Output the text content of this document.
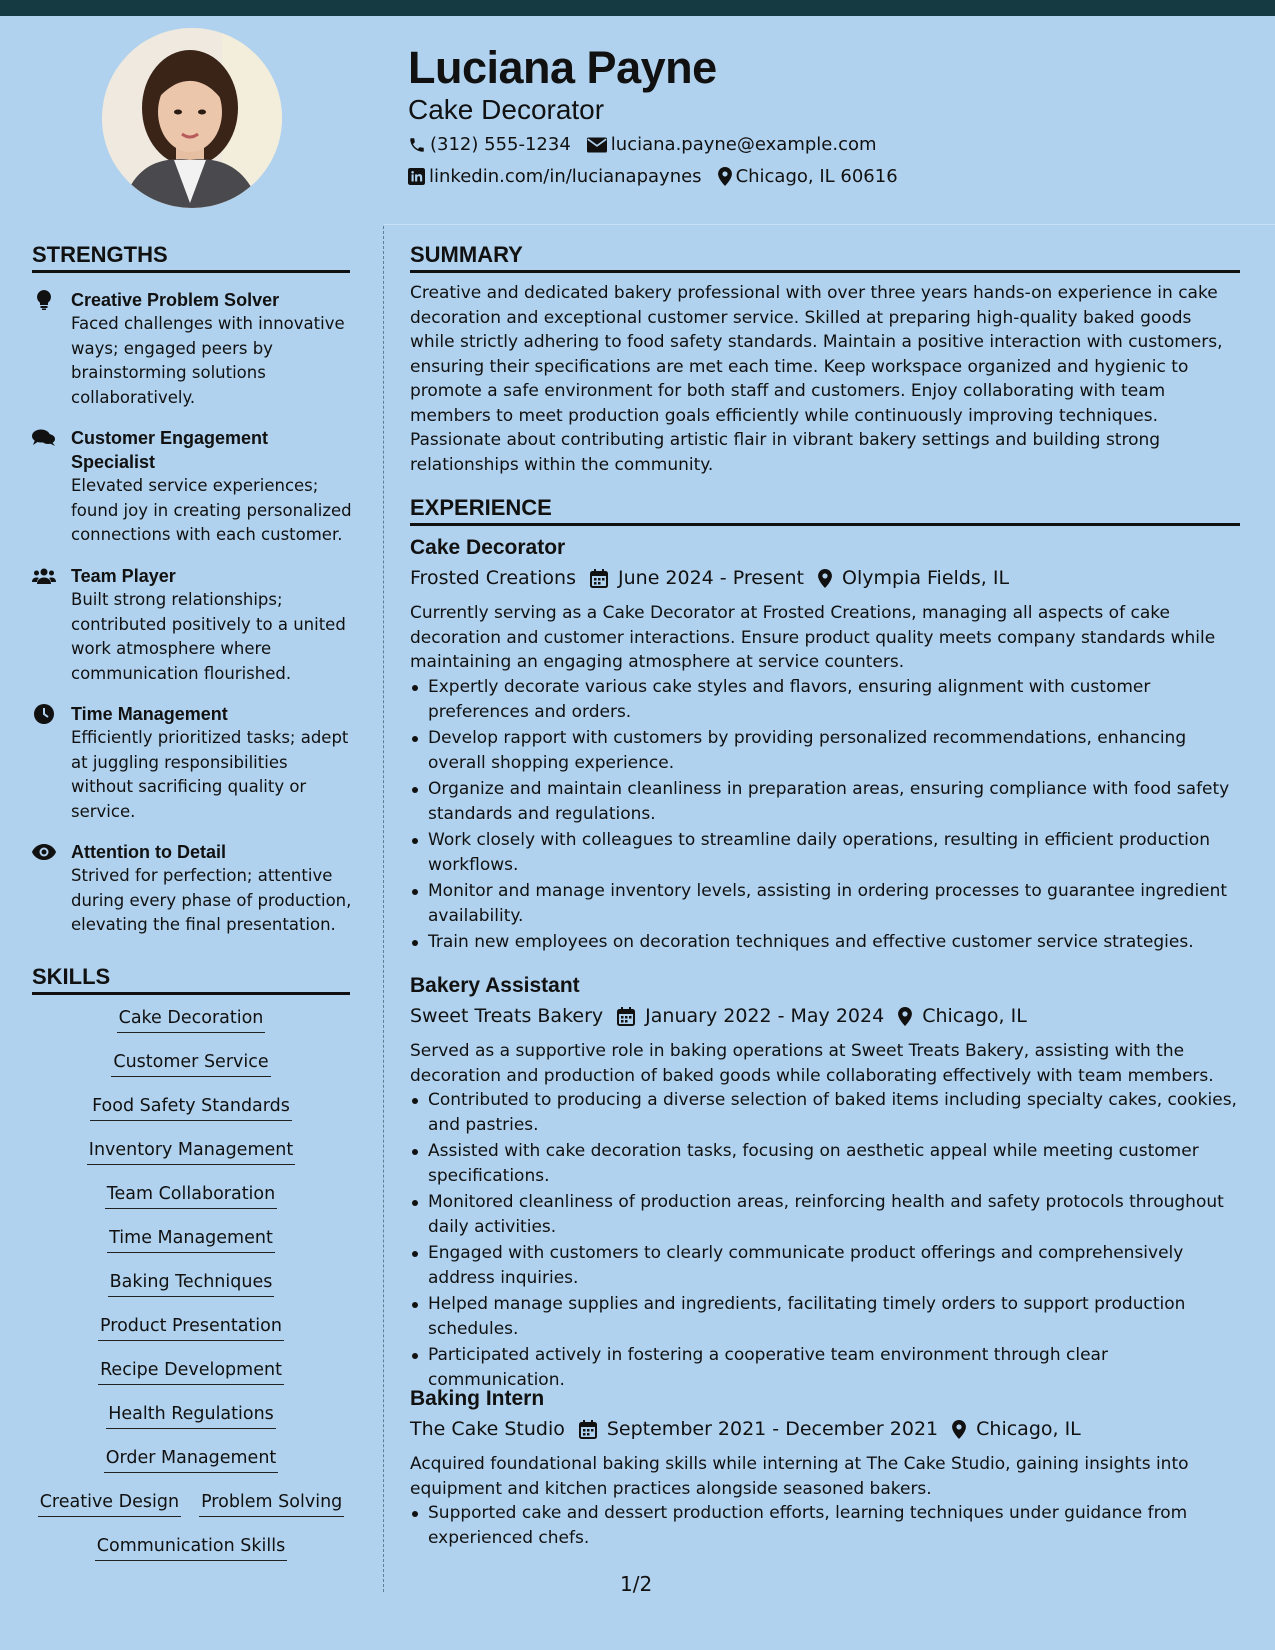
Luciana Payne
Cake Decorator
(312) 555-1234 luciana.payne@example.com
linkedin.com/in/lucianapaynes Chicago, IL 60616
STRENGTHS
Creative Problem Solver
Faced challenges with innovative ways; engaged peers by brainstorming solutions collaboratively.
Customer Engagement Specialist
Elevated service experiences; found joy in creating personalized connections with each customer.
Team Player
Built strong relationships; contributed positively to a united work atmosphere where communication flourished.
Time Management
Efficiently prioritized tasks; adept at juggling responsibilities without sacrificing quality or service.
Attention to Detail
Strived for perfection; attentive during every phase of production, elevating the final presentation.
SKILLS
Cake Decoration
Customer Service
Food Safety Standards
Inventory Management
Team Collaboration
Time Management
Baking Techniques
Product Presentation
Recipe Development
Health Regulations
Order Management
Creative Design Problem Solving
Communication Skills
SUMMARY
Creative and dedicated bakery professional with over three years hands-on experience in cake decoration and exceptional customer service. Skilled at preparing high-quality baked goods while strictly adhering to food safety standards. Maintain a positive interaction with customers, ensuring their specifications are met each time. Keep workspace organized and hygienic to promote a safe environment for both staff and customers. Enjoy collaborating with team members to meet production goals efficiently while continuously improving techniques. Passionate about contributing artistic flair in vibrant bakery settings and building strong relationships within the community.
EXPERIENCE
Cake Decorator
Frosted Creations June 2024 - Present Olympia Fields, IL
Currently serving as a Cake Decorator at Frosted Creations, managing all aspects of cake decoration and customer interactions. Ensure product quality meets company standards while maintaining an engaging atmosphere at service counters.
Expertly decorate various cake styles and flavors, ensuring alignment with customer preferences and orders.
Develop rapport with customers by providing personalized recommendations, enhancing overall shopping experience.
Organize and maintain cleanliness in preparation areas, ensuring compliance with food safety standards and regulations.
Work closely with colleagues to streamline daily operations, resulting in efficient production workflows.
Monitor and manage inventory levels, assisting in ordering processes to guarantee ingredient availability.
Train new employees on decoration techniques and effective customer service strategies.
Bakery Assistant
Sweet Treats Bakery January 2022 - May 2024 Chicago, IL
Served as a supportive role in baking operations at Sweet Treats Bakery, assisting with the decoration and production of baked goods while collaborating effectively with team members.
Contributed to producing a diverse selection of baked items including specialty cakes, cookies, and pastries.
Assisted with cake decoration tasks, focusing on aesthetic appeal while meeting customer specifications.
Monitored cleanliness of production areas, reinforcing health and safety protocols throughout daily activities.
Engaged with customers to clearly communicate product offerings and comprehensively address inquiries.
Helped manage supplies and ingredients, facilitating timely orders to support production schedules.
Participated actively in fostering a cooperative team environment through clear communication.
Baking Intern
The Cake Studio September 2021 - December 2021 Chicago, IL
Acquired foundational baking skills while interning at The Cake Studio, gaining insights into equipment and kitchen practices alongside seasoned bakers.
Supported cake and dessert production efforts, learning techniques under guidance from experienced chefs.
1/2
